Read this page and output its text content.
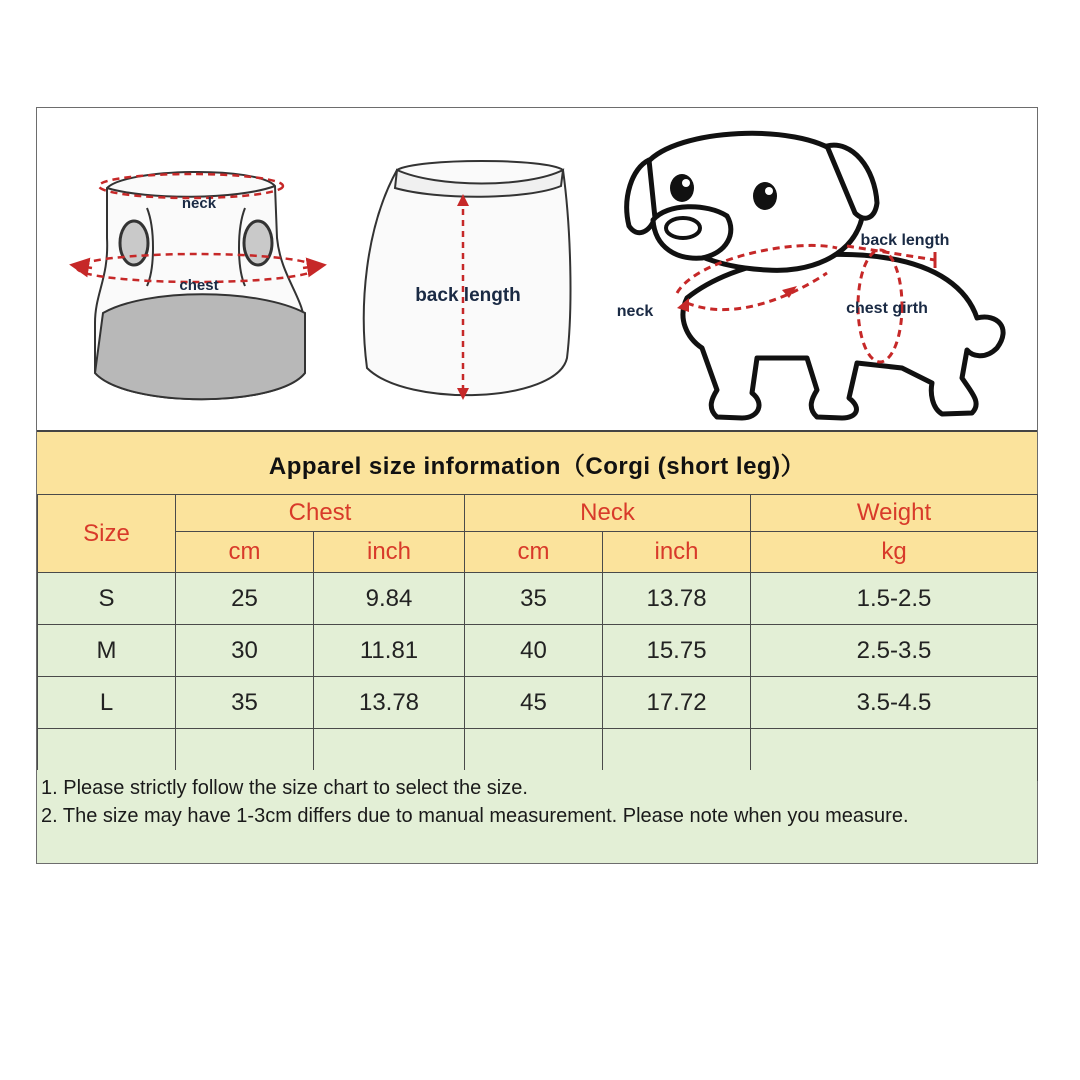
neck
chest	back length
back length
neck	chest girth
Apparel size information（Corgi (short leg)）
Size	Chest		Neck		Weight
	cm	inch	cm	inch	kg
S	25	9.84	35	13.78	1.5-2.5
M	30	11.81	40	15.75	2.5-3.5
L	35	13.78	45	17.72	3.5-4.5

1. Please strictly follow the size chart to select the size.
2. The size may have 1-3cm differs due to manual measurement. Please note when you measure.
